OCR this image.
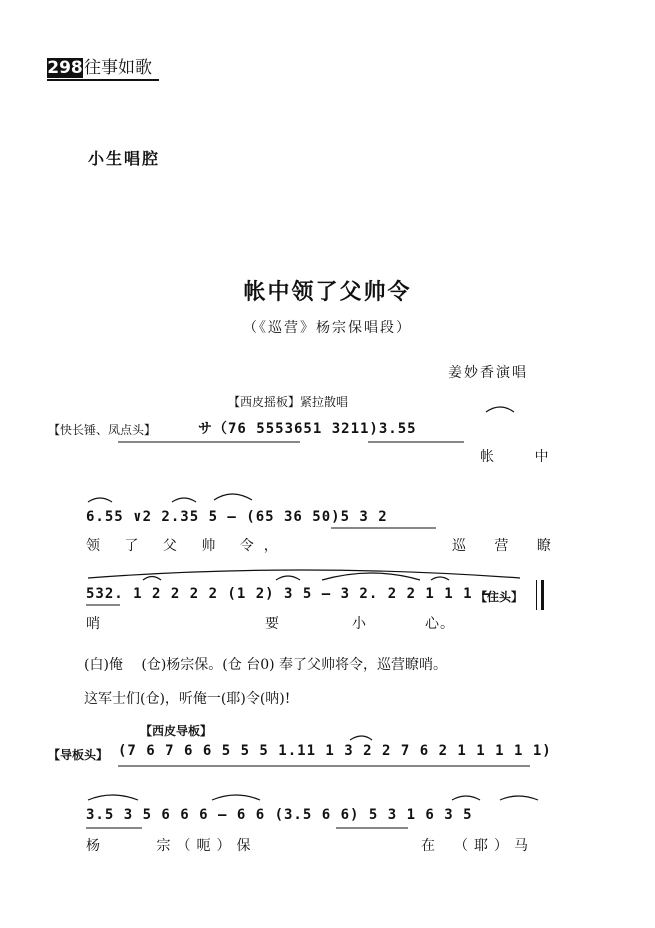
298 往事如歌
小生唱腔
帐中领了父帅令
（《巡营》杨宗保唱段）
姜妙香演唱
【西皮摇板】紧拉散唱
【快长锤、凤点头】	サ（76 5553651 3211)3.55
帐 中
6.55 ∨2 2.35 5 – (65 36 50)5 3 2
领 了 父 帅 令，	巡 营 瞭
532. 1 2 2 2 2 (1 2) 3 5 – 3 2. 2 2 1 1 1 –
【住头】
哨	要	小	心。
(白)俺　 (仓)杨宗保。(仓 台0) 奉了父帅将令，巡营瞭哨。
这军士们(仓)，听俺一(耶)令(呐)!
【西皮导板】
【导板头】 (7 6 7 6 6 5 5 5 1.11 1 3 2 2 7 6 2 1 1 1 1 1)
3.5 3 5 6 6 6 – 6 6 (3.5 6 6) 5 3 1 6 3 5
杨　 　宗（呃）保	在　（耶）马
